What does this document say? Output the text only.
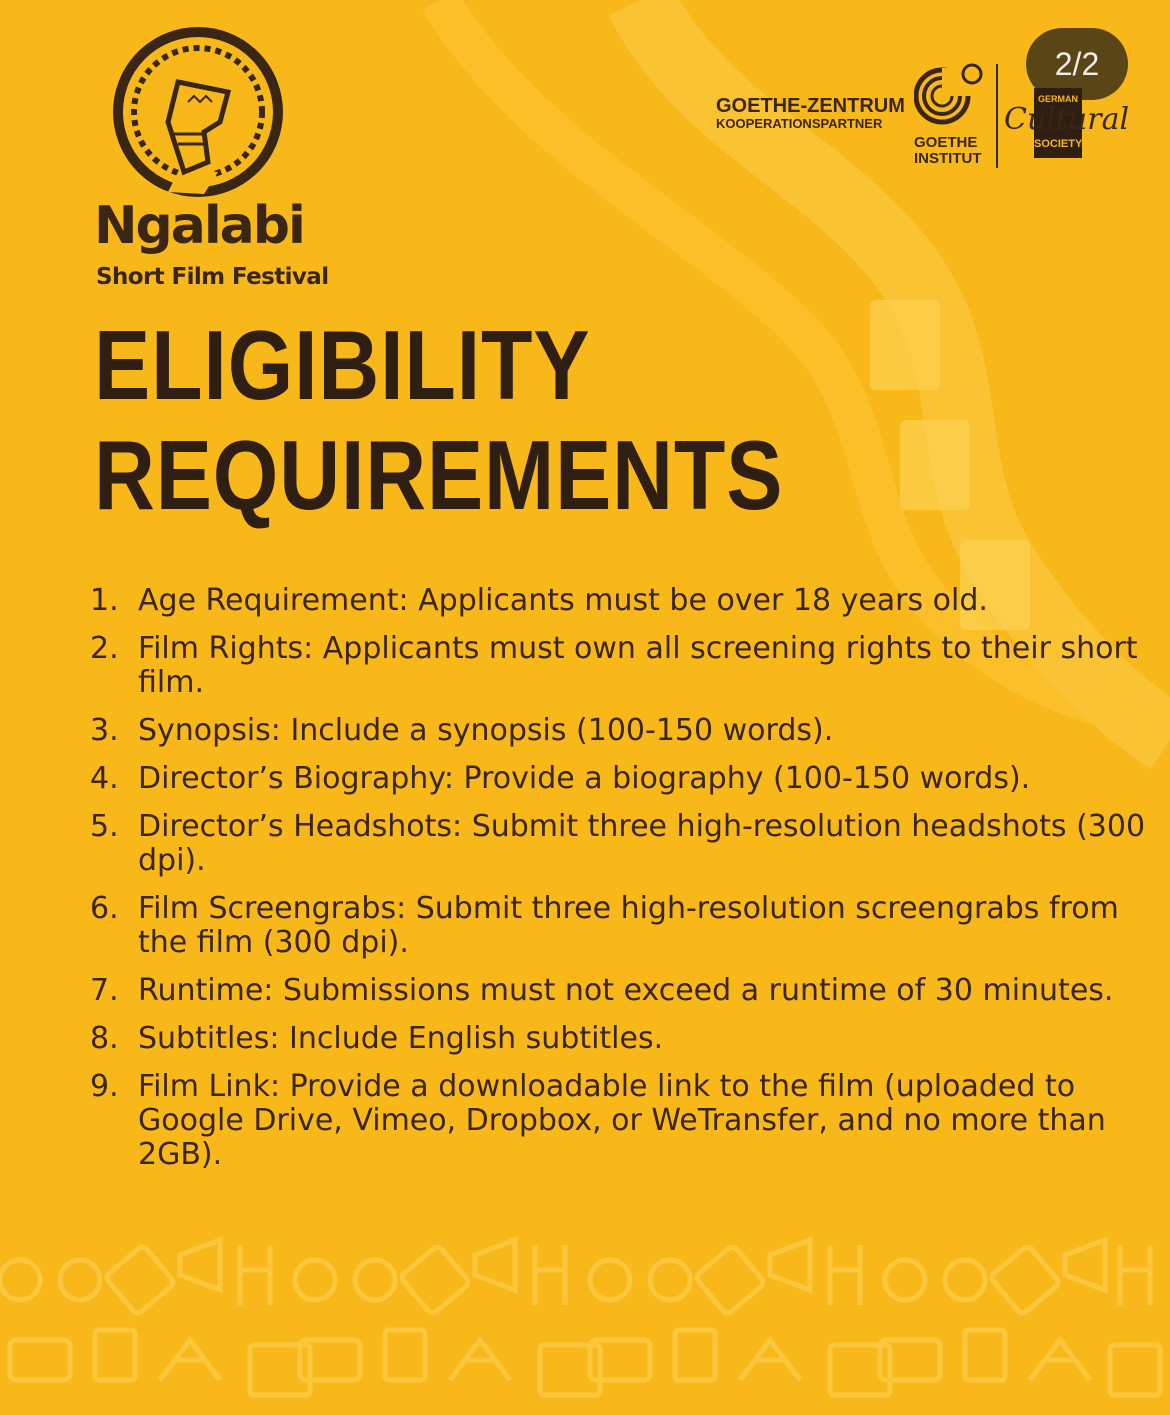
2/2
Ngalabi
Short Film Festival
GOETHE-ZENTRUM
KOOPERATIONSPARTNER
GOETHE
INSTITUT
GERMAN
SOCIETY
Cultural
ELIGIBILITY
REQUIREMENTS
1. Age Requirement: Applicants must be over 18 years old.
2. Film Rights: Applicants must own all screening rights to their short film.
3. Synopsis: Include a synopsis (100-150 words).
4. Director’s Biography: Provide a biography (100-150 words).
5. Director’s Headshots: Submit three high-resolution headshots (300 dpi).
6. Film Screengrabs: Submit three high-resolution screengrabs from the film (300 dpi).
7. Runtime: Submissions must not exceed a runtime of 30 minutes.
8. Subtitles: Include English subtitles.
9. Film Link: Provide a downloadable link to the film (uploaded to Google Drive, Vimeo, Dropbox, or WeTransfer, and no more than 2GB).
